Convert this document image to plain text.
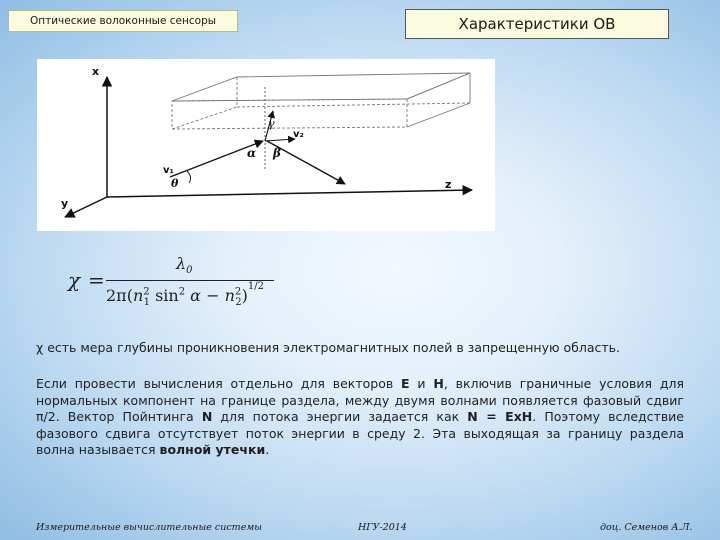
Оптические волоконные сенсоры	Характеристики ОВ
x
y
z
γ
v₂
α β
v₁
θ
χ =
$\lambda_0$
$2\pi(n^2_1$ $\sin^2 \alpha - n^2_2)^{1/2}$
χ есть мера глубины проникновения электромагнитных полей в запрещенную область.
Если провести вычисления отдельно для векторов E и H, включив граничные условия для нормальных компонент на границе раздела, между двумя волнами появляется фазовый сдвиг π/2. Вектор Пойнтинга N для потока энергии задается как N = ExH. Поэтому вследствие фазового сдвига отсутствует поток энергии в среду 2. Эта выходящая за границу раздела волна называется волной утечки.
Измерительные вычислительные системы	НГУ-2014	доц. Семенов А.Л.
